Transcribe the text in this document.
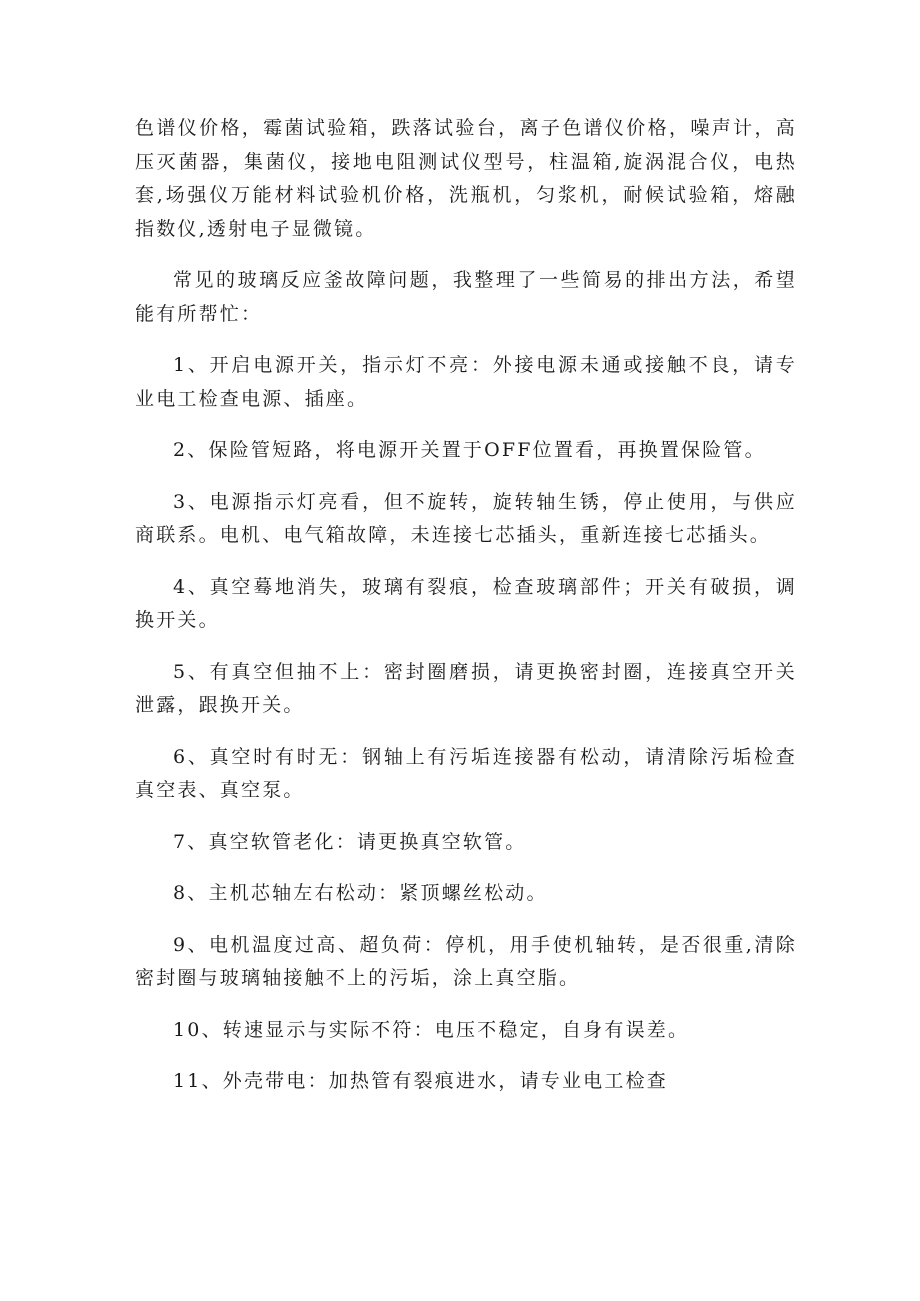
色谱仪价格，霉菌试验箱，跌落试验台，离子色谱仪价格，噪声计，高压灭菌器，集菌仪，接地电阻测试仪型号，柱温箱,旋涡混合仪，电热套,场强仪万能材料试验机价格，洗瓶机，匀浆机，耐候试验箱，熔融指数仪,透射电子显微镜。

常见的玻璃反应釜故障问题，我整理了一些简易的排出方法，希望能有所帮忙：

1、开启电源开关，指示灯不亮：外接电源未通或接触不良，请专业电工检查电源、插座。

2、保险管短路，将电源开关置于OFF位置看，再换置保险管。

3、电源指示灯亮看，但不旋转，旋转轴生锈，停止使用，与供应商联系。电机、电气箱故障，未连接七芯插头，重新连接七芯插头。

4、真空蓦地消失，玻璃有裂痕，检查玻璃部件；开关有破损，调换开关。

5、有真空但抽不上：密封圈磨损，请更换密封圈，连接真空开关泄露，跟换开关。

6、真空时有时无：钢轴上有污垢连接器有松动，请清除污垢检查真空表、真空泵。

7、真空软管老化：请更换真空软管。

8、主机芯轴左右松动：紧顶螺丝松动。

9、电机温度过高、超负荷：停机，用手使机轴转，是否很重,清除密封圈与玻璃轴接触不上的污垢，涂上真空脂。

10、转速显示与实际不符：电压不稳定，自身有误差。

11、外壳带电：加热管有裂痕进水，请专业电工检查
